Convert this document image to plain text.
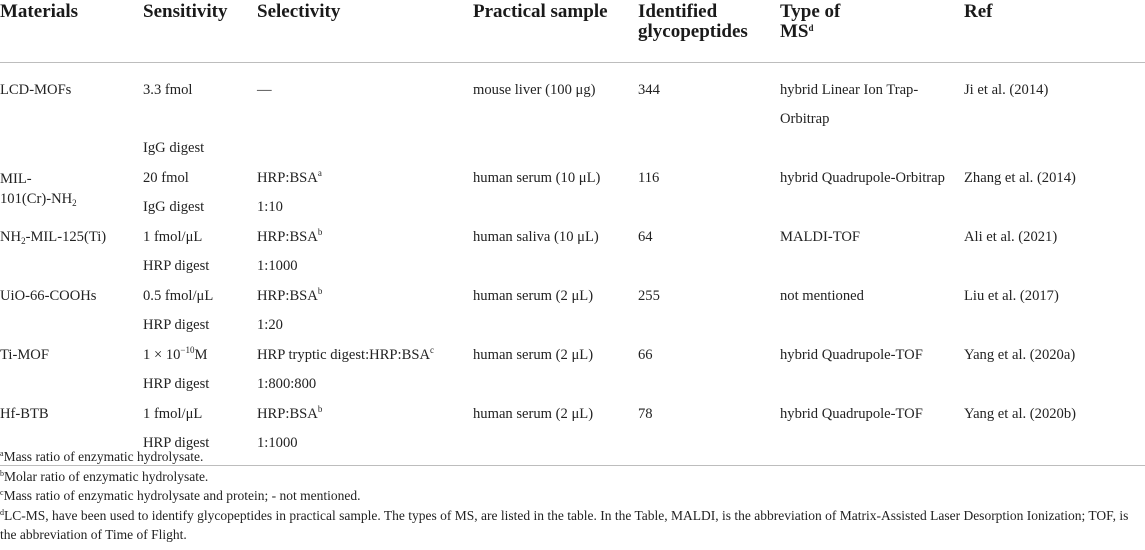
Materials	Sensitivity	Selectivity	Practical sample	Identified
glycopeptides	Type of
$MS^d$	Ref
LCD-MOFs	3.3 fmol	—	mouse liver (100 μg)	344	hybrid Linear Ion Trap-Orbitrap	Ji et al. (2014)
	IgG digest					

MIL-
$101(Cr)-NH_2$	20 fmol	HRP:BSA$^a$	human serum (10 μL)	116	hybrid Quadrupole-Orbitrap	Zhang et al. (2014)
	IgG digest	1:10				
$NH_2-MIL-125(Ti)$	1 fmol/μL	HRP:BSA$^b$	human saliva (10 μL)	64	MALDI-TOF	Ali et al. (2021)
	HRP digest	1:1000				
UiO-66-COOHs	0.5 fmol/μL	HRP:BSA$^b$	human serum (2 μL)	255	not mentioned	Liu et al. (2017)
	HRP digest	1:20				
Ti-MOF	$1 \times 10^{-10}M$	HRP tryptic digest:HRP:BSA$^c$	human serum (2 μL)	66	hybrid Quadrupole-TOF	Yang et al. (2020a)
	HRP digest	1:800:800				
Hf-BTB	1 fmol/μL	HRP:BSA$^b$	human serum (2 μL)	78	hybrid Quadrupole-TOF	Yang et al. (2020b)
	HRP digest	1:1000				

$^a$Mass ratio of enzymatic hydrolysate.

$^b$Molar ratio of enzymatic hydrolysate.

$^c$Mass ratio of enzymatic hydrolysate and protein; - not mentioned.

$^d$LC-MS, have been used to identify glycopeptides in practical sample. The types of MS, are listed in the table. In the Table, MALDI, is the abbreviation of Matrix-Assisted Laser Desorption Ionization; TOF, is the abbreviation of Time of Flight.
